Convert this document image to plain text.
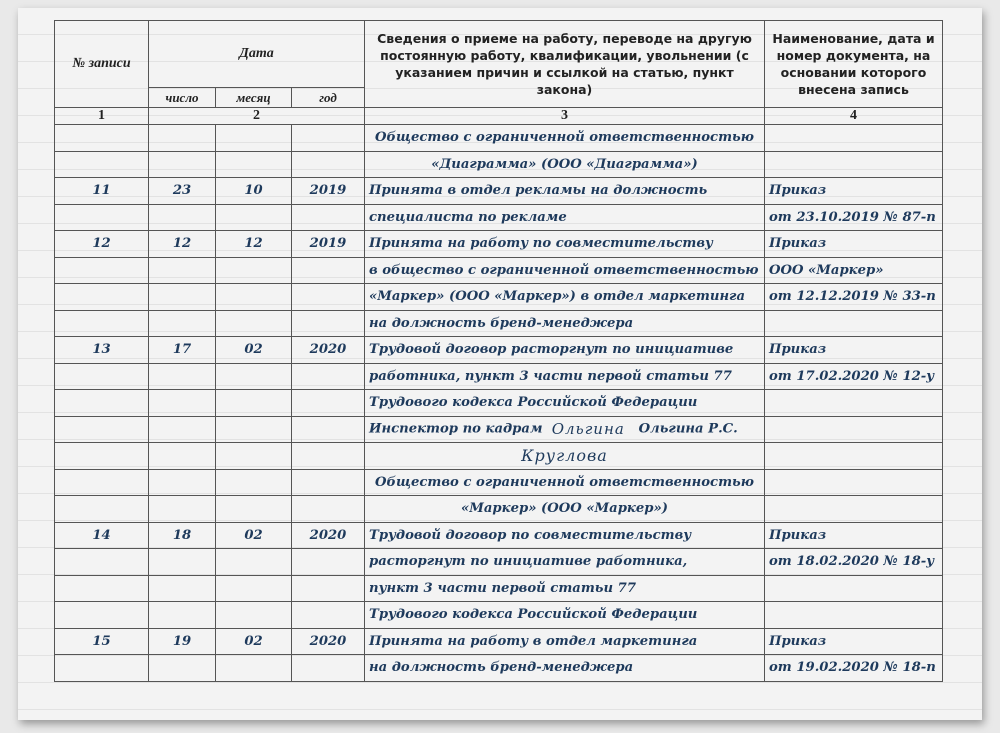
№ записи	Дата			Сведения о приеме на работу, переводе на другую постоянную работу, квалификации, увольнении (с указанием причин и ссылкой на статью, пункт закона)	Наименование, дата и номер документа, на основании которого внесена запись
	число	месяц	год		
1	2			3	4
				Общество с ограниченной ответственностью	
				«Диаграмма» (ООО «Диаграмма»)	
11	23	10	2019	Принята в отдел рекламы на должность	Приказ
				специалиста по рекламе	от 23.10.2019 № 87-п
12	12	12	2019	Принята на работу по совместительству	Приказ
				в общество с ограниченной ответственностью	ООО «Маркер»
				«Маркер» (ООО «Маркер») в отдел маркетинга	от 12.12.2019 № 33-п
				на должность бренд-менеджера	
13	17	02	2020	Трудовой договор расторгнут по инициативе	Приказ
				работника, пункт 3 части первой статьи 77	от 17.02.2020 № 12-у
				Трудового кодекса Российской Федерации	
				Инспектор по кадрам Ольгина Ольгина Р.С.	
				Круглова	
				Общество с ограниченной ответственностью	
				«Маркер» (ООО «Маркер»)	
14	18	02	2020	Трудовой договор по совместительству	Приказ
				расторгнут по инициативе работника,	от 18.02.2020 № 18-у
				пункт 3 части первой статьи 77	
				Трудового кодекса Российской Федерации	
15	19	02	2020	Принята на работу в отдел маркетинга	Приказ
				на должность бренд-менеджера	от 19.02.2020 № 18-п
